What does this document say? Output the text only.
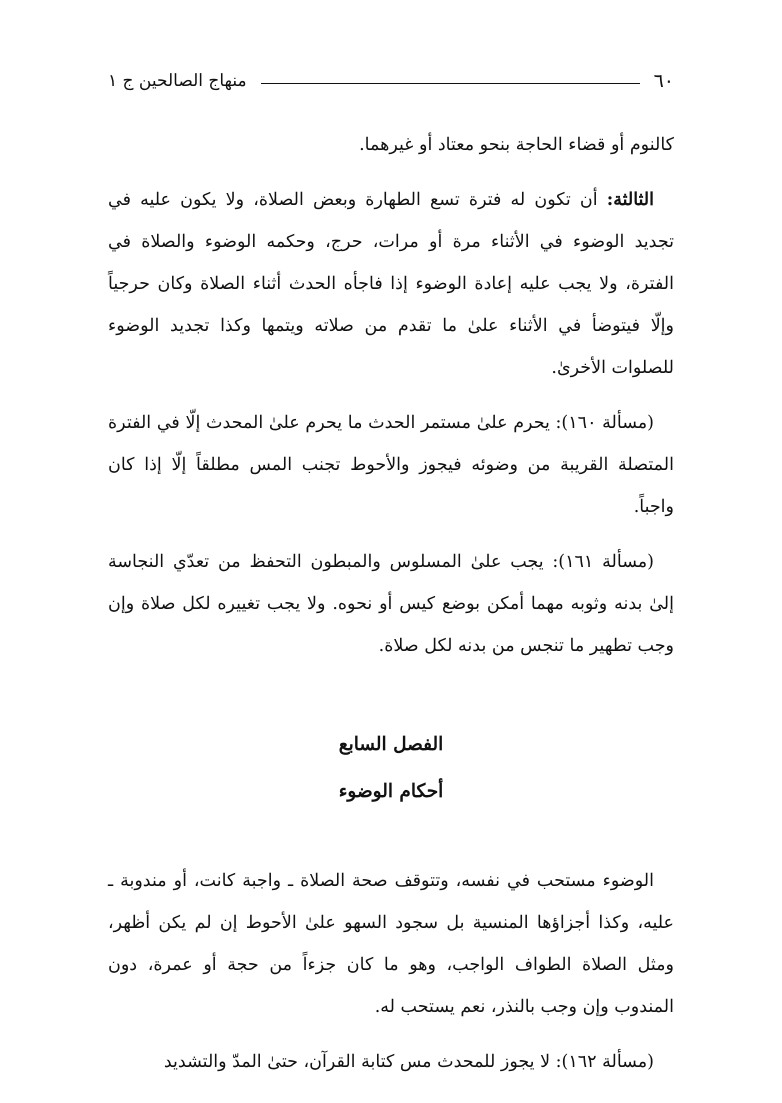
٦٠
منهاج الصالحين ج ١

كالنوم أو قضاء الحاجة بنحو معتاد أو غيرهما.

الثالثة: أن تكون له فترة تسع الطهارة وبعض الصلاة، ولا يكون عليه في تجديد الوضوء في الأثناء مرة أو مرات، حرج، وحكمه الوضوء والصلاة في الفترة، ولا يجب عليه إعادة الوضوء إذا فاجأه الحدث أثناء الصلاة وكان حرجياً وإلّا فيتوضأ في الأثناء علىٰ ما تقدم من صلاته ويتمها وكذا تجديد الوضوء للصلوات الأخرىٰ.

(مسألة ١٦٠): يحرم علىٰ مستمر الحدث ما يحرم علىٰ المحدث إلّا في الفترة المتصلة القريبة من وضوئه فيجوز والأحوط تجنب المس مطلقاً إلّا إذا كان واجباً.

(مسألة ١٦١): يجب علىٰ المسلوس والمبطون التحفظ من تعدّي النجاسة إلىٰ بدنه وثوبه مهما أمكن بوضع كيس أو نحوه. ولا يجب تغييره لكل صلاة وإن وجب تطهير ما تنجس من بدنه لكل صلاة.

الفصل السابع

أحكام الوضوء

الوضوء مستحب في نفسه، وتتوقف صحة الصلاة ـ واجبة كانت، أو مندوبة ـ عليه، وكذا أجزاؤها المنسية بل سجود السهو علىٰ الأحوط إن لم يكن أظهر، ومثل الصلاة الطواف الواجب، وهو ما كان جزءاً من حجة أو عمرة، دون المندوب وإن وجب بالنذر، نعم يستحب له.

(مسألة ١٦٢): لا يجوز للمحدث مس كتابة القرآن، حتىٰ المدّ والتشديد
